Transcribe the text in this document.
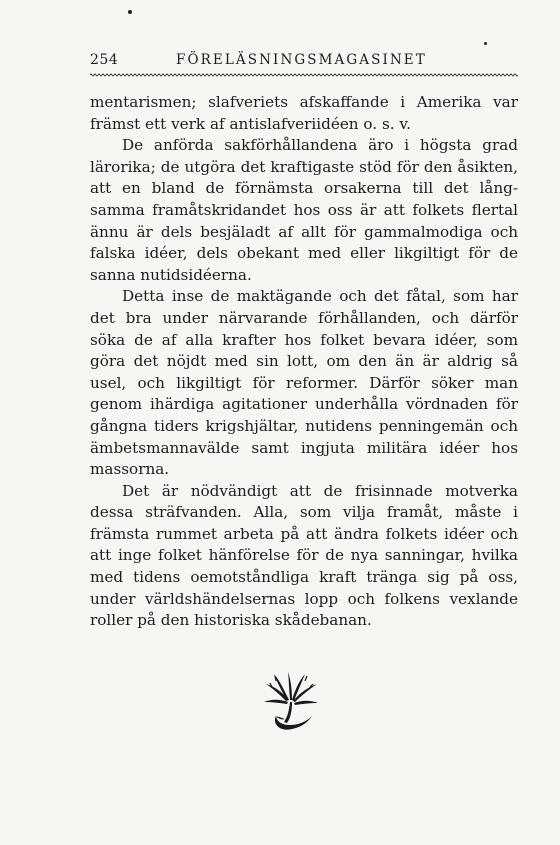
254	FÖRELÄSNINGSMAGASINET
mentarismen; slafveriets afskaffande i Amerika var
främst ett verk af antislafveriidéen o. s. v.
De anförda sakförhållandena äro i högsta grad
lärorika; de utgöra det kraftigaste stöd för den åsikten,
att en bland de förnämsta orsakerna till det lång-
samma framåtskridandet hos oss är att folkets flertal
ännu är dels besjäladt af allt för gammalmodiga och
falska idéer, dels obekant med eller likgiltigt för de
sanna nutidsidéerna.
Detta inse de maktägande och det fåtal, som har
det bra under närvarande förhållanden, och därför
söka de af alla krafter hos folket bevara idéer, som
göra det nöjdt med sin lott, om den än är aldrig så
usel, och likgiltigt för reformer. Därför söker man
genom ihärdiga agitationer underhålla vördnaden för
gångna tiders krigshjältar, nutidens penningemän och
ämbetsmannavälde samt ingjuta militära idéer hos
massorna.
Det är nödvändigt att de frisinnade motverka
dessa sträfvanden. Alla, som vilja framåt, måste i
främsta rummet arbeta på att ändra folkets idéer och
att inge folket hänförelse för de nya sanningar, hvilka
med tidens oemotståndliga kraft tränga sig på oss,
under världshändelsernas lopp och folkens vexlande
roller på den historiska skådebanan.
